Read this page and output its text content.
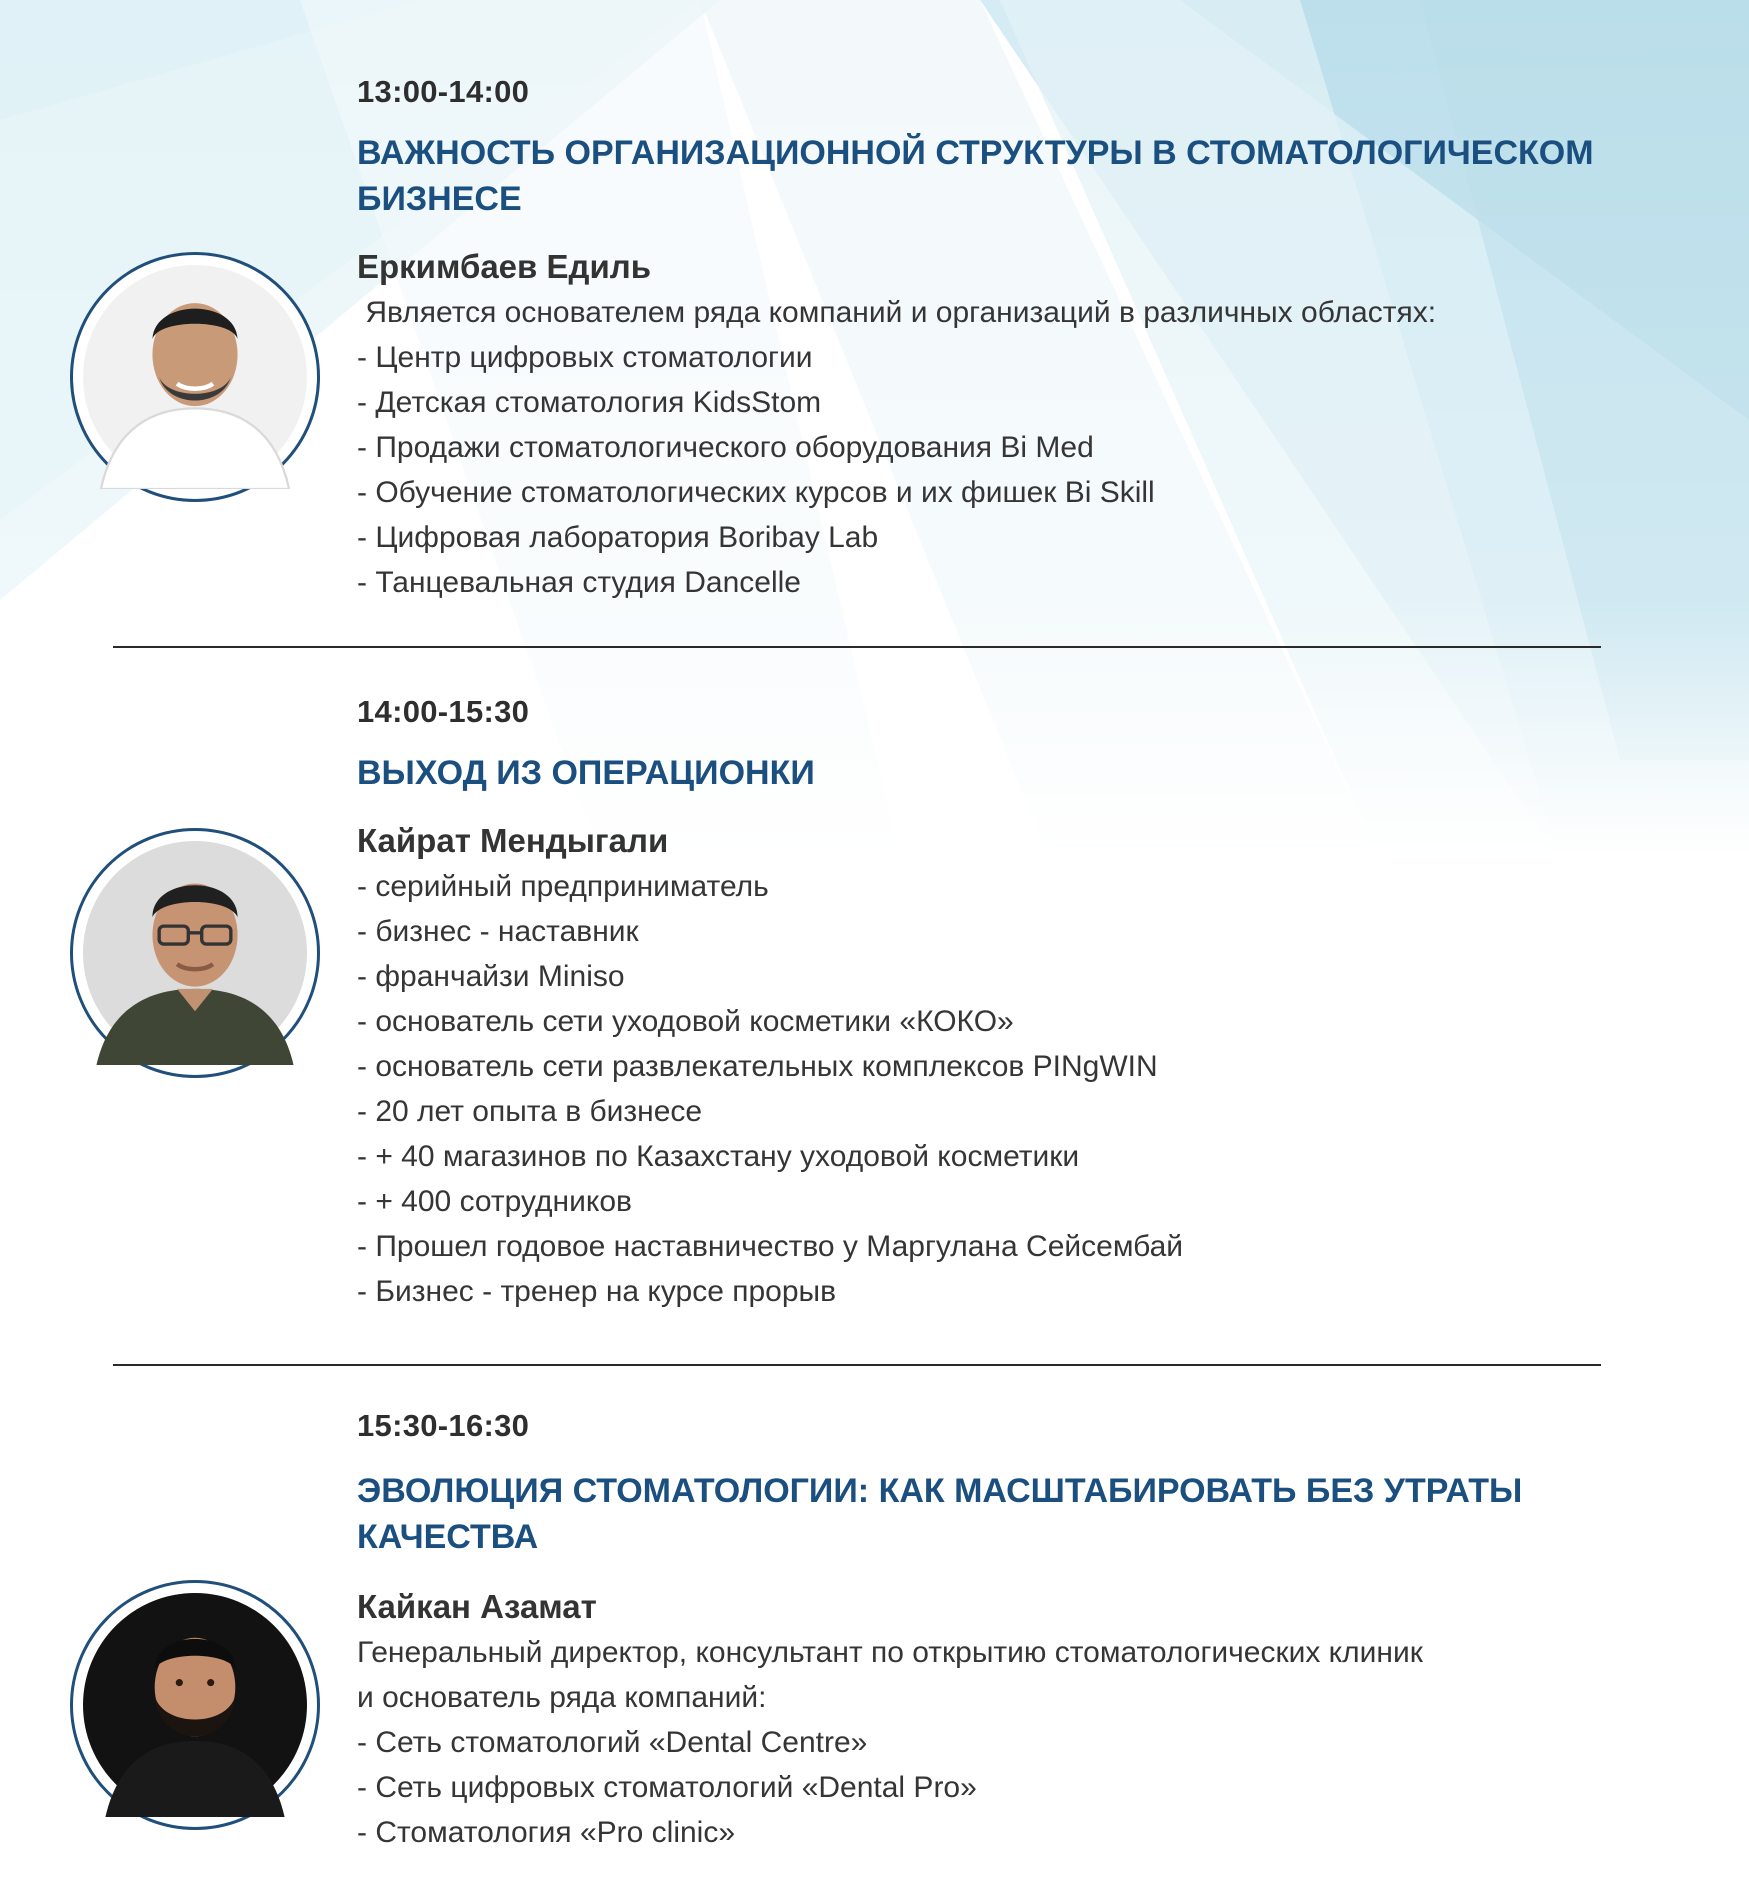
13:00-14:00
ВАЖНОСТЬ ОРГАНИЗАЦИОННОЙ СТРУКТУРЫ В СТОМАТОЛОГИЧЕСКОМ
БИЗНЕСЕ
Еркимбаев Едиль
Является основателем ряда компаний и организаций в различных областях:
- Центр цифровых стоматологии
- Детская стоматология KidsStom
- Продажи стоматологического оборудования Bi Med
- Обучение стоматологических курсов и их фишек Bi Skill
- Цифровая лаборатория Boribay Lab
- Танцевальная студия Dancelle
14:00-15:30
ВЫХОД ИЗ ОПЕРАЦИОНКИ
Кайрат Мендыгали
- серийный предприниматель
- бизнес - наставник
- франчайзи Miniso
- основатель сети уходовой косметики «КОКО»
- основатель сети развлекательных комплексов PINgWIN
- 20 лет опыта в бизнесе
- + 40 магазинов по Казахстану уходовой косметики
- + 400 сотрудников
- Прошел годовое наставничество у Маргулана Сейсембай
- Бизнес - тренер на курсе прорыв
15:30-16:30
ЭВОЛЮЦИЯ СТОМАТОЛОГИИ: КАК МАСШТАБИРОВАТЬ БЕЗ УТРАТЫ
КАЧЕСТВА
Кайкан Азамат
Генеральный директор, консультант по открытию стоматологических клиник
и основатель ряда компаний:
- Сеть стоматологий «Dental Centre»
- Сеть цифровых стоматологий «Dental Pro»
- Стоматология «Pro clinic»
